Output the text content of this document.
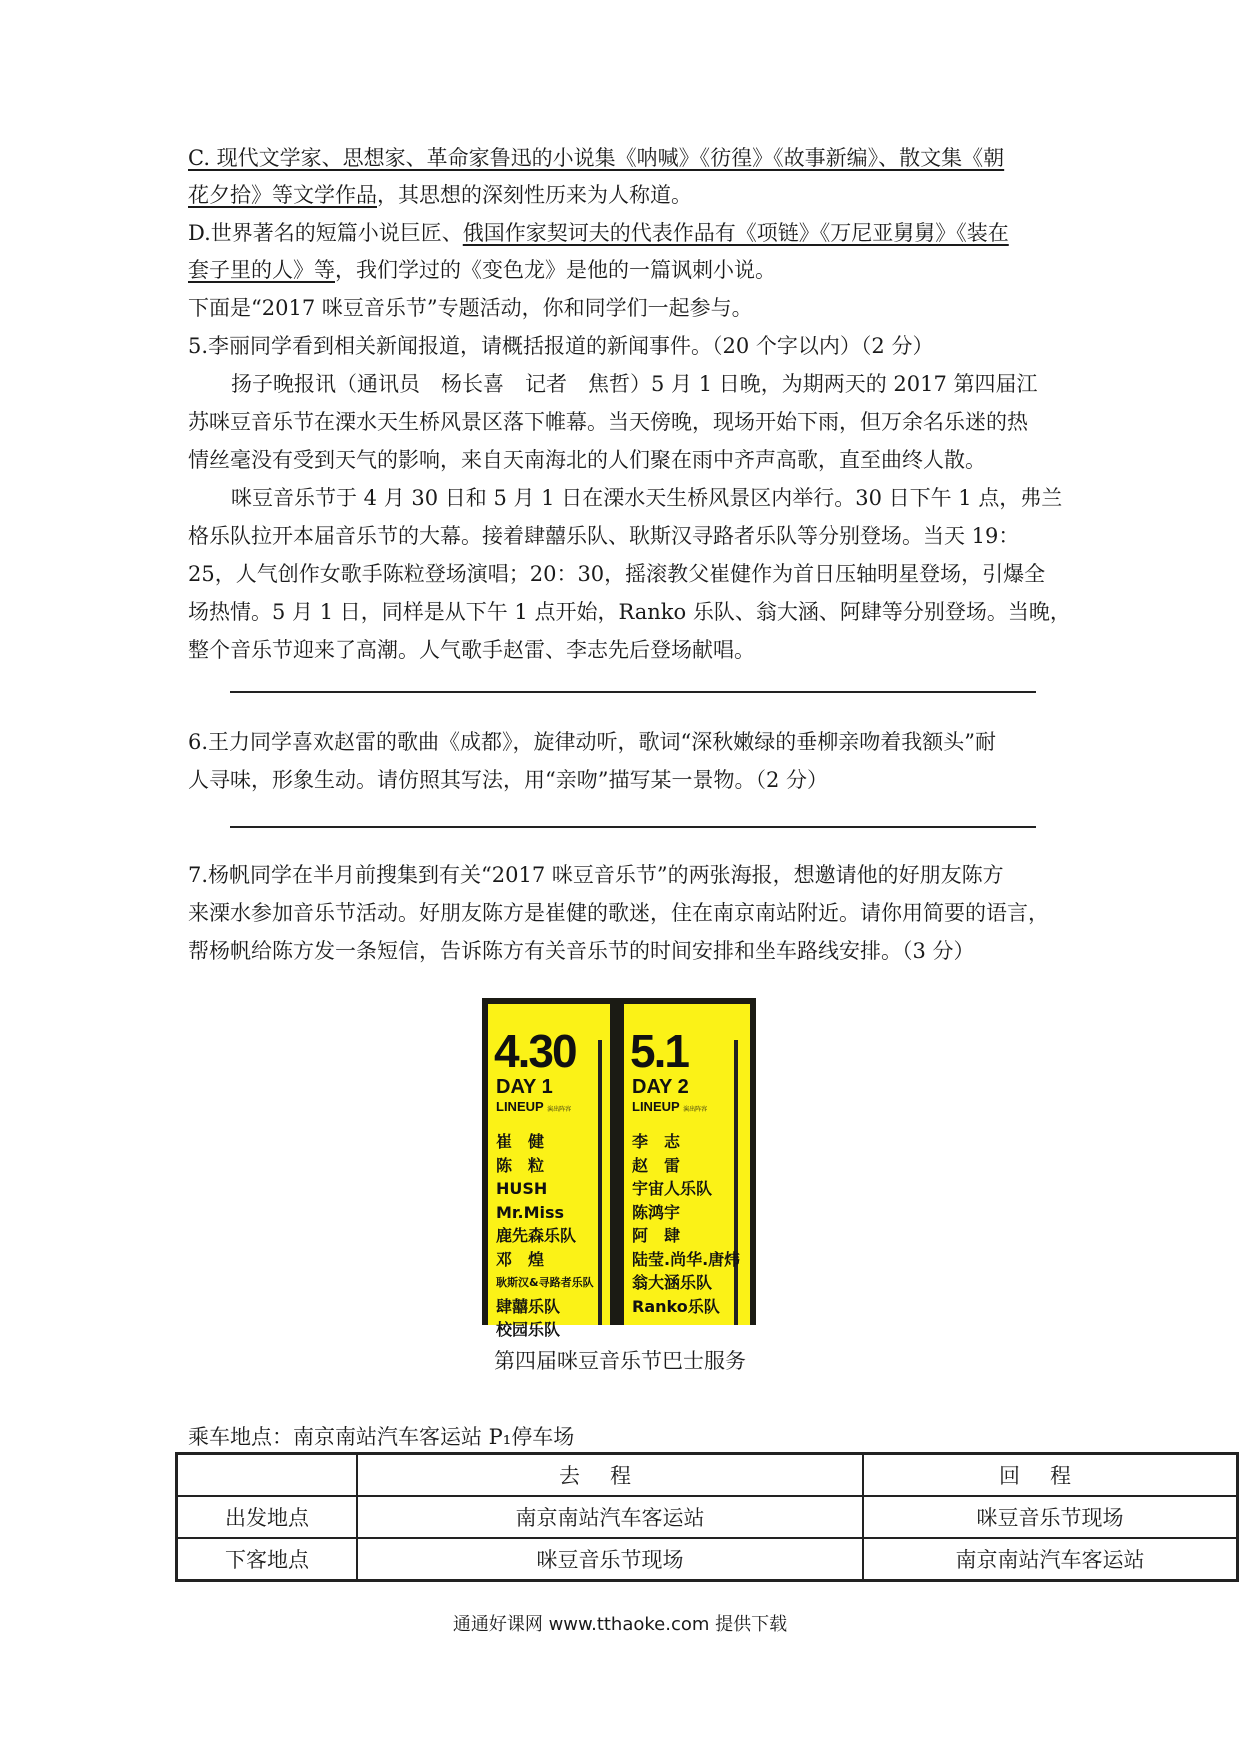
C. 现代文学家、思想家、革命家鲁迅的小说集《呐喊》《彷徨》《故事新编》、散文集《朝
花夕拾》等文学作品，其思想的深刻性历来为人称道。
D.世界著名的短篇小说巨匠、俄国作家契诃夫的代表作品有《项链》《万尼亚舅舅》《装在
套子里的人》等，我们学过的《变色龙》是他的一篇讽刺小说。
下面是“2017 咪豆音乐节”专题活动，你和同学们一起参与。
5.李丽同学看到相关新闻报道，请概括报道的新闻事件。（20 个字以内）（2 分）
扬子晚报讯（通讯员　杨长喜　记者　焦哲）5 月 1 日晚，为期两天的 2017 第四届江
苏咪豆音乐节在溧水天生桥风景区落下帷幕。当天傍晚，现场开始下雨，但万余名乐迷的热
情丝毫没有受到天气的影响，来自天南海北的人们聚在雨中齐声高歌，直至曲终人散。
咪豆音乐节于 4 月 30 日和 5 月 1 日在溧水天生桥风景区内举行。30 日下午 1 点，弗兰
格乐队拉开本届音乐节的大幕。接着肆囍乐队、耿斯汉寻路者乐队等分别登场。当天 19：
25，人气创作女歌手陈粒登场演唱；20：30，摇滚教父崔健作为首日压轴明星登场，引爆全
场热情。5 月 1 日，同样是从下午 1 点开始，Ranko 乐队、翁大涵、阿肆等分别登场。当晚，
整个音乐节迎来了高潮。人气歌手赵雷、李志先后登场献唱。
6.王力同学喜欢赵雷的歌曲《成都》，旋律动听，歌词“深秋嫩绿的垂柳亲吻着我额头”耐
人寻味，形象生动。请仿照其写法，用“亲吻”描写某一景物。（2 分）
7.杨帆同学在半月前搜集到有关“2017 咪豆音乐节”的两张海报，想邀请他的好朋友陈方
来溧水参加音乐节活动。好朋友陈方是崔健的歌迷，住在南京南站附近。请你用简要的语言，
帮杨帆给陈方发一条短信，告诉陈方有关音乐节的时间安排和坐车路线安排。（3 分）
4.30
DAY 1
LINEUP 演出阵容
崔　健
陈　粒
HUSH
Mr.Miss
鹿先森乐队
邓　煌
耿斯汉&寻路者乐队
肆囍乐队
校园乐队
5.1
DAY 2
LINEUP 演出阵容
李　志
赵　雷
宇宙人乐队
陈鸿宇
阿　肆
陆莹.尚华.唐炜
翁大涵乐队
Ranko乐队
第四届咪豆音乐节巴士服务
乘车地点：南京南站汽车客运站 P₁停车场
	去程	回程
出发地点	南京南站汽车客运站	咪豆音乐节现场
下客地点	咪豆音乐节现场	南京南站汽车客运站
通通好课网 www.tthaoke.com 提供下载
